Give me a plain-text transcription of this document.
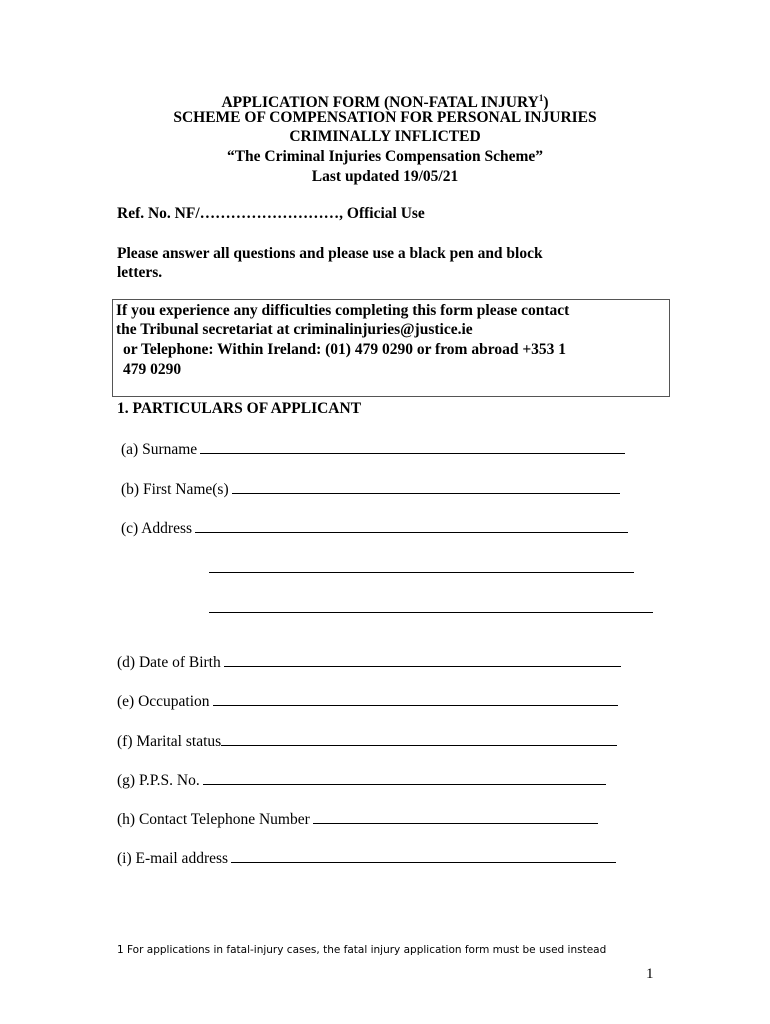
APPLICATION FORM (NON-FATAL INJURY$^1$)
SCHEME OF COMPENSATION FOR PERSONAL INJURIES
CRIMINALLY INFLICTED
“The Criminal Injuries Compensation Scheme”
Last updated 19/05/21
Ref. No. NF/………………………, Official Use
Please answer all questions and please use a black pen and block
letters.
If you experience any difficulties completing this form please contact
the Tribunal secretariat at criminalinjuries@justice.ie
or Telephone: Within Ireland: (01) 479 0290 or from abroad +353 1
479 0290
1. PARTICULARS OF APPLICANT
(a) Surname
(b) First Name(s)
(c) Address
(d) Date of Birth
(e) Occupation
(f) Marital status
(g) P.P.S. No.
(h) Contact Telephone Number
(i) E-mail address
1 For applications in fatal-injury cases, the fatal injury application form must be used instead
1
